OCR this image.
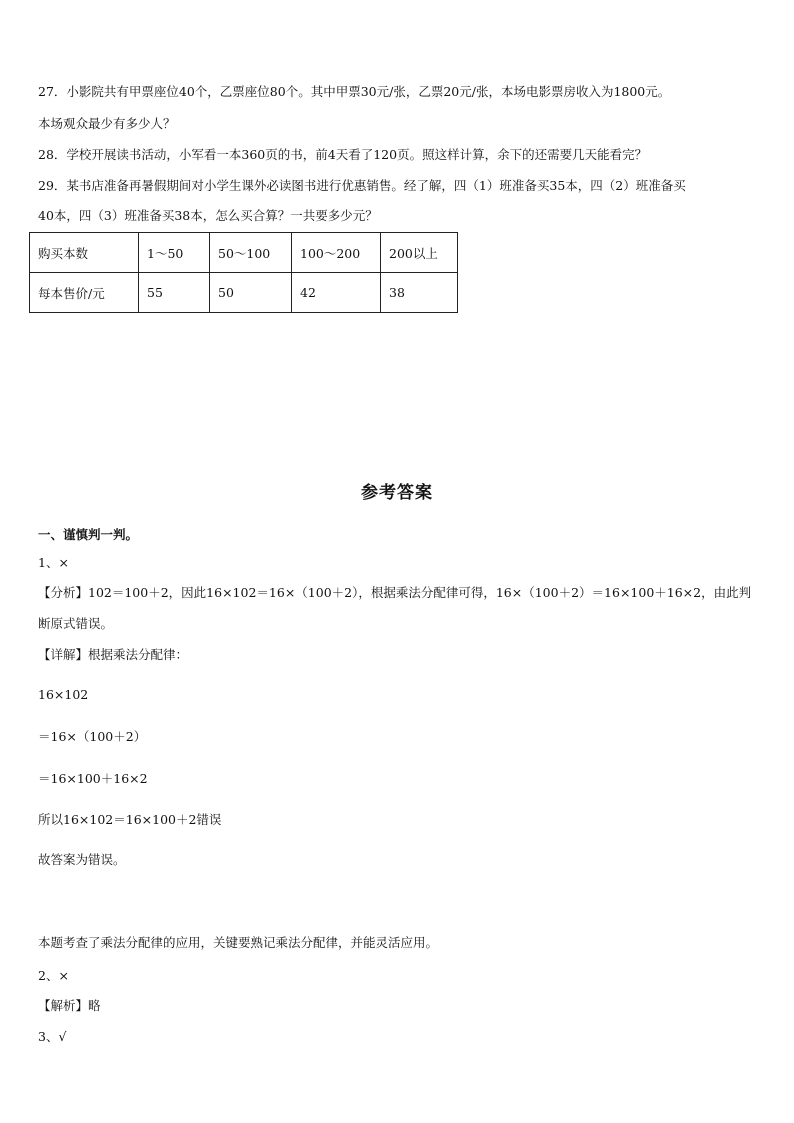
27．小影院共有甲票座位40个，乙票座位80个。其中甲票30元/张，乙票20元/张，本场电影票房收入为1800元。
本场观众最少有多少人？
28．学校开展读书活动，小军看一本360页的书，前4天看了120页。照这样计算，余下的还需要几天能看完？
29．某书店准备再暑假期间对小学生课外必读图书进行优惠销售。经了解，四（1）班准备买35本，四（2）班准备买
40本，四（3）班准备买38本，怎么买合算？一共要多少元？
购买本数	1～50	50～100	100～200	200以上
每本售价/元	55	50	42	38
参考答案
一、谨慎判一判。
1、×
【分析】102＝100＋2，因此16×102＝16×（100＋2），根据乘法分配律可得，16×（100＋2）＝16×100＋16×2，由此判
断原式错误。
【详解】根据乘法分配律：
16×102
＝16×（100＋2）
＝16×100＋16×2
所以16×102＝16×100＋2错误
故答案为错误。
本题考查了乘法分配律的应用，关键要熟记乘法分配律，并能灵活应用。
2、×
【解析】略
3、√
